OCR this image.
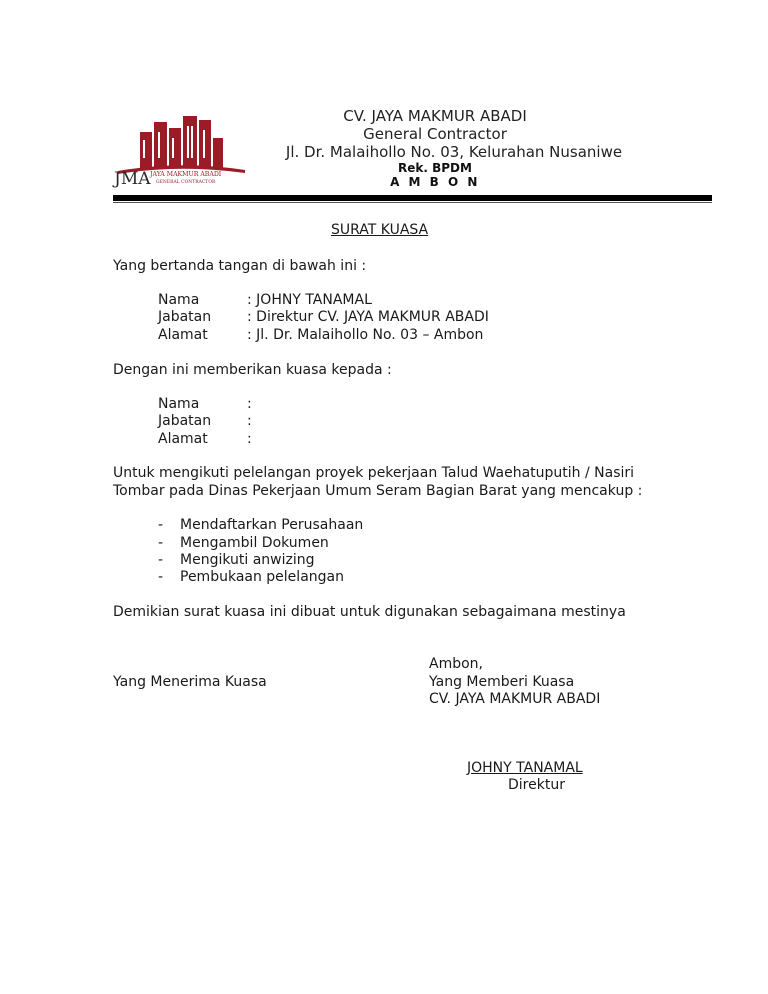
JMA JAYA MAKMUR ABADI
GENERAL CONTRACTOR
CV. JAYA MAKMUR ABADI
General Contractor
Jl. Dr. Malaihollo No. 03, Kelurahan Nusaniwe
Rek. BPDM
A M B O N
SURAT KUASA
Yang bertanda tangan di bawah ini :
Nama	: JOHNY TANAMAL
Jabatan	: Direktur CV. JAYA MAKMUR ABADI
Alamat	: Jl. Dr. Malaihollo No. 03 – Ambon
Dengan ini memberikan kuasa kepada :
Nama	:
Jabatan	:
Alamat	:
Untuk mengikuti pelelangan proyek pekerjaan Talud Waehatuputih / Nasiri
Tombar pada Dinas Pekerjaan Umum Seram Bagian Barat yang mencakup :
- Mendaftarkan Perusahaan
- Mengambil Dokumen
- Mengikuti anwizing
- Pembukaan pelelangan
Demikian surat kuasa ini dibuat untuk digunakan sebagaimana mestinya
Ambon,
Yang Menerima Kuasa	Yang Memberi Kuasa
CV. JAYA MAKMUR ABADI
JOHNY TANAMAL
Direktur
